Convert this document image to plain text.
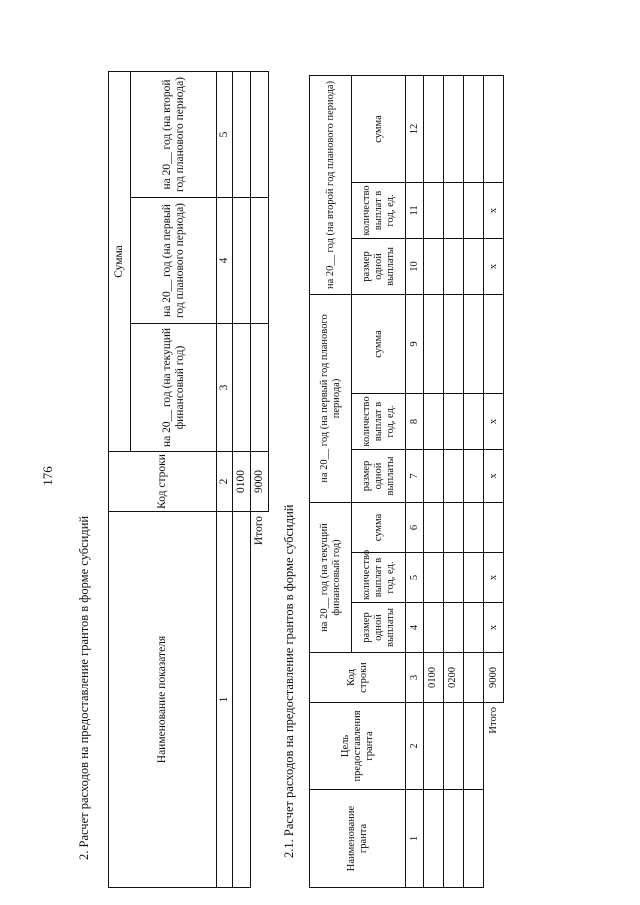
176
2. Расчет расходов на предоставление грантов в форме субсидий	Наименование показателя	Код строки	Сумма		
		на 20__ год (на текущий финансовый год)	на 20__ год (на первый год планового периода)	на 20__ год (на второй год планового периода)
1	2	3	4	5
	0100			
Итого	9000			
2.1. Расчет расходов на предоставление грантов в форме субсидий	Наименование гранта	Цель предоставления гранта	Код строки	на 20__ год (на текущий финансовый год)			на 20__ год (на первый год планового периода)			на 20__ год (на второй год планового периода)		
			размер одной выплаты	количество выплат в год, ед.	сумма	размер одной выплаты	количество выплат в год, ед.	сумма	размер одной выплаты	количество выплат в год, ед.	сумма
1	2	3	4	5	6	7	8	9	10	11	12
		0100									
		0200									

Итого		9000	x	x		x	x		x	x	
